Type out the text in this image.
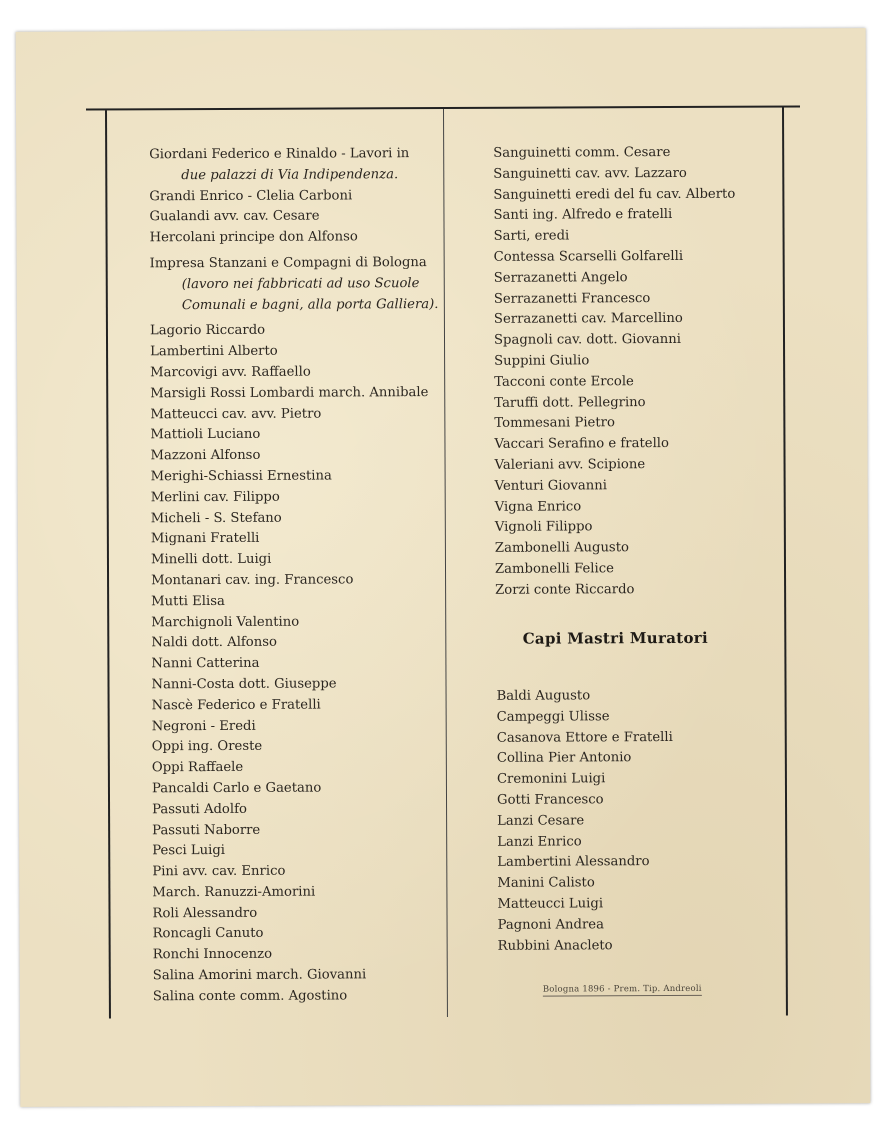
Giordani Federico e Rinaldo - Lavori in
due palazzi di Via Indipendenza.
Grandi Enrico - Clelia Carboni
Gualandi avv. cav. Cesare
Hercolani principe don Alfonso
Impresa Stanzani e Compagni di Bologna
(lavoro nei fabbricati ad uso Scuole
Comunali e bagni, alla porta Galliera).
Lagorio Riccardo
Lambertini Alberto
Marcovigi avv. Raffaello
Marsigli Rossi Lombardi march. Annibale
Matteucci cav. avv. Pietro
Mattioli Luciano
Mazzoni Alfonso
Merighi-Schiassi Ernestina
Merlini cav. Filippo
Micheli - S. Stefano
Mignani Fratelli
Minelli dott. Luigi
Montanari cav. ing. Francesco
Mutti Elisa
Marchignoli Valentino
Naldi dott. Alfonso
Nanni Catterina
Nanni-Costa dott. Giuseppe
Nascè Federico e Fratelli
Negroni - Eredi
Oppi ing. Oreste
Oppi Raffaele
Pancaldi Carlo e Gaetano
Passuti Adolfo
Passuti Naborre
Pesci Luigi
Pini avv. cav. Enrico
March. Ranuzzi-Amorini
Roli Alessandro
Roncagli Canuto
Ronchi Innocenzo
Salina Amorini march. Giovanni
Salina conte comm. Agostino
Sanguinetti comm. Cesare
Sanguinetti cav. avv. Lazzaro
Sanguinetti eredi del fu cav. Alberto
Santi ing. Alfredo e fratelli
Sarti, eredi
Contessa Scarselli Golfarelli
Serrazanetti Angelo
Serrazanetti Francesco
Serrazanetti cav. Marcellino
Spagnoli cav. dott. Giovanni
Suppini Giulio
Tacconi conte Ercole
Taruffi dott. Pellegrino
Tommesani Pietro
Vaccari Serafino e fratello
Valeriani avv. Scipione
Venturi Giovanni
Vigna Enrico
Vignoli Filippo
Zambonelli Augusto
Zambonelli Felice
Zorzi conte Riccardo
Capi Mastri Muratori
Baldi Augusto
Campeggi Ulisse
Casanova Ettore e Fratelli
Collina Pier Antonio
Cremonini Luigi
Gotti Francesco
Lanzi Cesare
Lanzi Enrico
Lambertini Alessandro
Manini Calisto
Matteucci Luigi
Pagnoni Andrea
Rubbini Anacleto
Bologna 1896 - Prem. Tip. Andreoli
